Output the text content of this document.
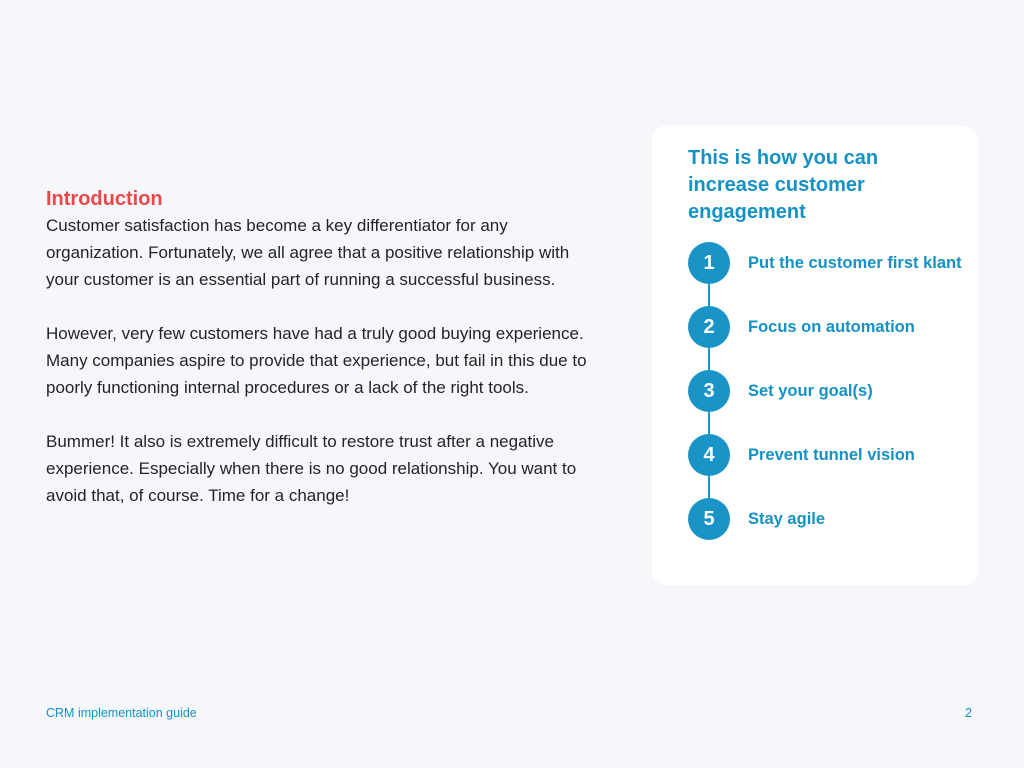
Introduction

Customer satisfaction has become a key differentiator for any organization. Fortunately, we all agree that a positive relationship with your customer is an essential part of running a successful business.

However, very few customers have had a truly good buying experience. Many companies aspire to provide that experience, but fail in this due to poorly functioning internal procedures or a lack of the right tools.

Bummer! It also is extremely difficult to restore trust after a negative experience. Especially when there is no good relationship. You want to avoid that, of course. Time for a change!

This is how you can increase customer engagement
1	Put the customer first klant
2	Focus on automation
3	Set your goal(s)
4	Prevent tunnel vision
5	Stay agile
CRM implementation guide	2
